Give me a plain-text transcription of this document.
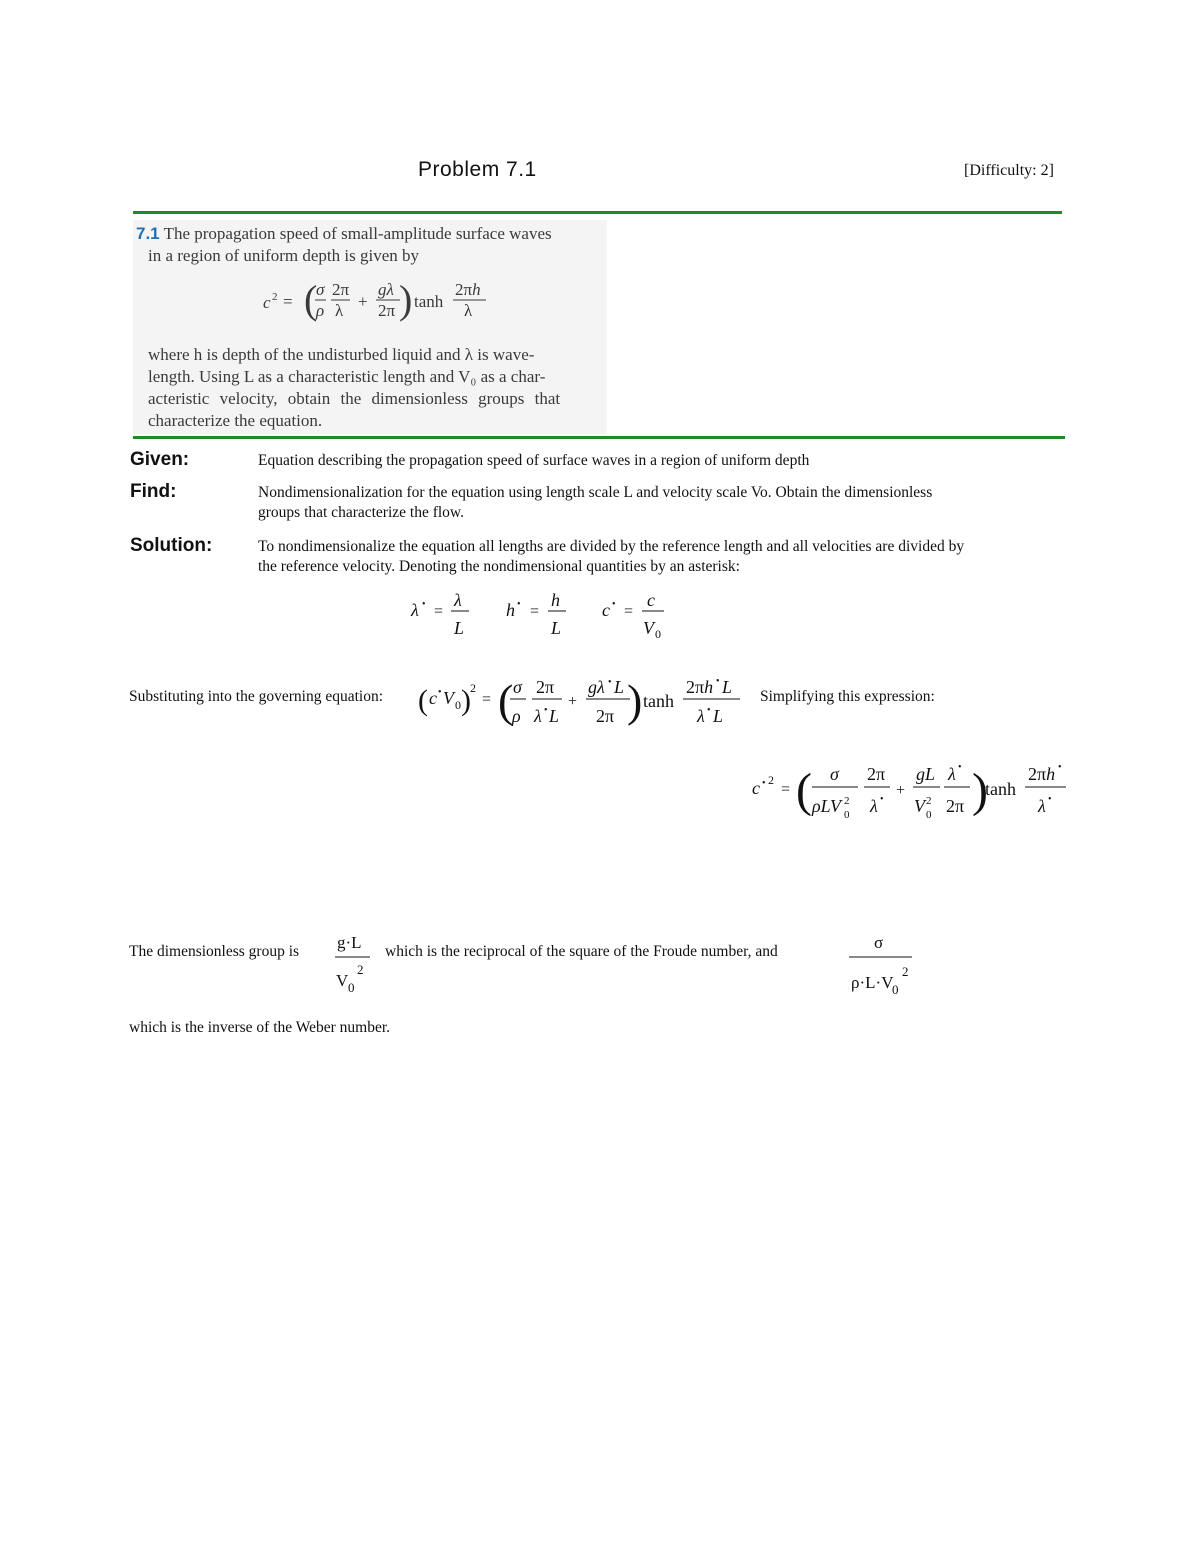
Problem 7.1	[Difficulty: 2]
7.1 The propagation speed of small-amplitude surface waves
in a region of uniform depth is given by
c 2 = (
σ
ρ
2π
λ +
gλ
2π ) tanh
2πh
λ
where h is depth of the undisturbed liquid and λ is wave-
length. Using L as a characteristic length and V₀ as a char-
acteristic velocity, obtain the dimensionless groups that
characterize the equation.
Given:	Equation describing the propagation speed of surface waves in a region of uniform depth
Find:	Nondimensionalization for the equation using length scale L and velocity scale Vo. Obtain the dimensionless
groups that characterize the flow.
Solution:	To nondimensionalize the equation all lengths are divided by the reference length and all velocities are divided by
the reference velocity. Denoting the nondimensional quantities by an asterisk:
λ • =
λ
L
h • =
h
L
c • =
c
V 0
Substituting into the governing equation: ( c • V 0 ) 2
= ( σ
ρ
2π
λ • L
+
gλ • L
2π ) tanh
2πh • L
λ • L
Simplifying this expression:
c • 2
= ( σ
ρLV 2
0
2π
λ •
+
gL
V 2
0
λ •
2π )
tanh
2πh •
λ •
The dimensionless group is g·L
V
2
0
which is the reciprocal of the square of the Froude number, and	σ
ρ·L·V
2
0
which is the inverse of the Weber number.
